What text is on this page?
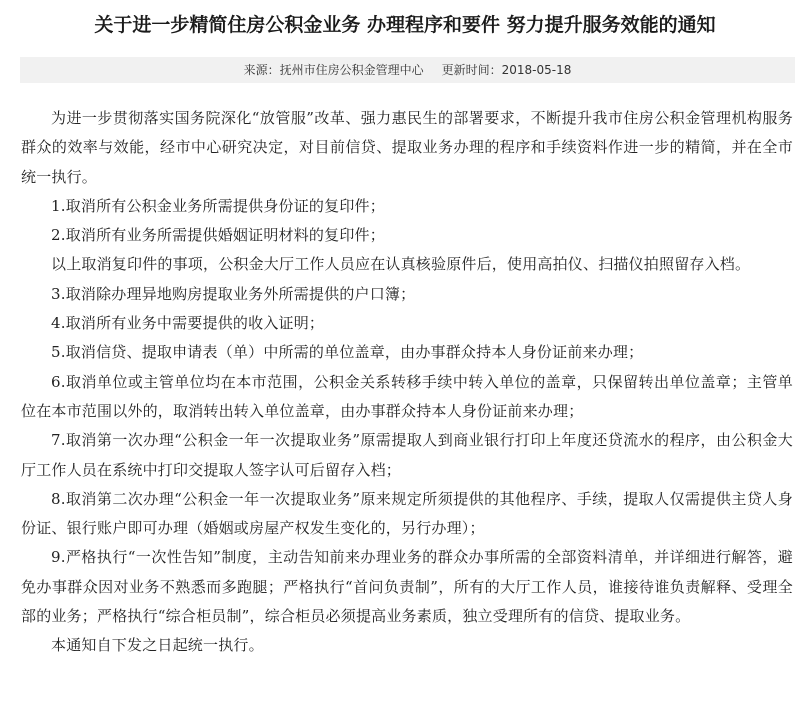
关于进一步精简住房公积金业务 办理程序和要件 努力提升服务效能的通知
来源：抚州市住房公积金管理中心 更新时间：2018-05-18

为进一步贯彻落实国务院深化“放管服”改革、强力惠民生的部署要求，不断提升我市住房公积金管理机构服务群众的效率与效能，经市中心研究决定，对目前信贷、提取业务办理的程序和手续资料作进一步的精简，并在全市统一执行。

1.取消所有公积金业务所需提供身份证的复印件；

2.取消所有业务所需提供婚姻证明材料的复印件；

以上取消复印件的事项，公积金大厅工作人员应在认真核验原件后，使用高拍仪、扫描仪拍照留存入档。

3.取消除办理异地购房提取业务外所需提供的户口簿；

4.取消所有业务中需要提供的收入证明；

5.取消信贷、提取申请表（单）中所需的单位盖章，由办事群众持本人身份证前来办理；

6.取消单位或主管单位均在本市范围，公积金关系转移手续中转入单位的盖章，只保留转出单位盖章；主管单位在本市范围以外的，取消转出转入单位盖章，由办事群众持本人身份证前来办理；

7.取消第一次办理“公积金一年一次提取业务”原需提取人到商业银行打印上年度还贷流水的程序，由公积金大厅工作人员在系统中打印交提取人签字认可后留存入档；

8.取消第二次办理“公积金一年一次提取业务”原来规定所须提供的其他程序、手续，提取人仅需提供主贷人身份证、银行账户即可办理（婚姻或房屋产权发生变化的，另行办理）；

9.严格执行“一次性告知”制度，主动告知前来办理业务的群众办事所需的全部资料清单，并详细进行解答，避免办事群众因对业务不熟悉而多跑腿；严格执行“首问负责制”，所有的大厅工作人员，谁接待谁负责解释、受理全部的业务；严格执行“综合柜员制”，综合柜员必须提高业务素质，独立受理所有的信贷、提取业务。

本通知自下发之日起统一执行。
